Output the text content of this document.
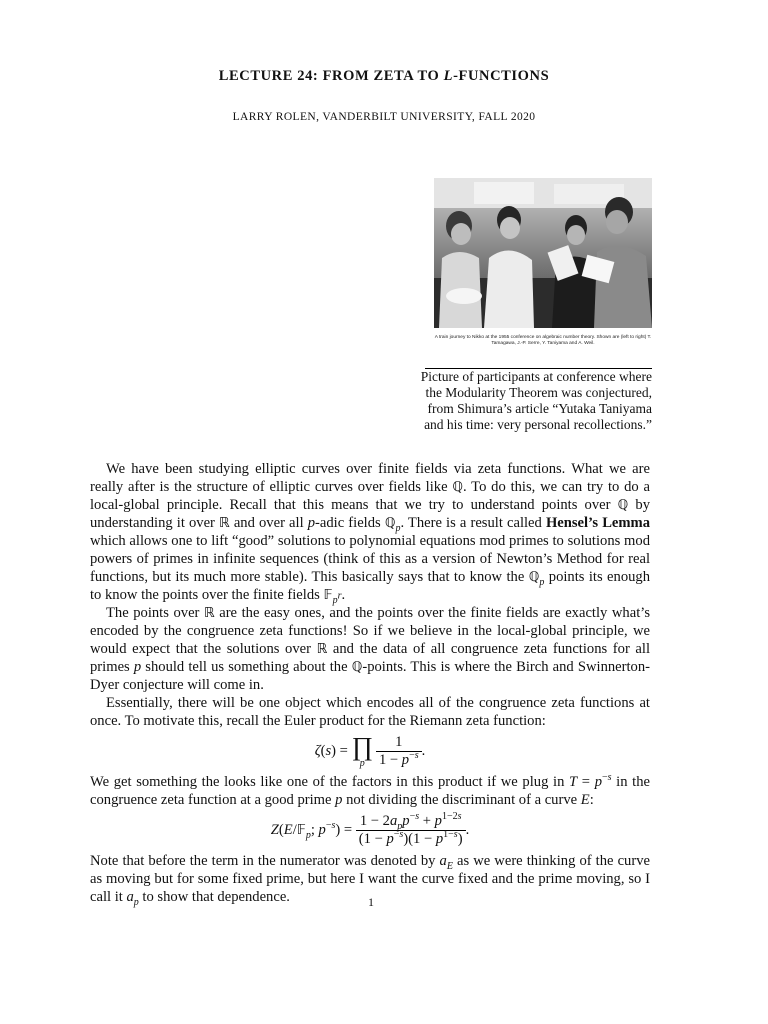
LECTURE 24: FROM ZETA TO L-FUNCTIONS
LARRY ROLEN, VANDERBILT UNIVERSITY, FALL 2020
A train journey to Nikko at the 1955 conference on algebraic number theory. Shown are (left to right) T. Tamagawa, J.-P. Serre, Y. Taniyama and A. Weil.
Picture of participants at conference where the Modularity Theorem was conjectured, from Shimura’s article “Yutaka Taniyama and his time: very personal recollections.”

We have been studying elliptic curves over finite fields via zeta functions. What we are really after is the structure of elliptic curves over fields like ℚ. To do this, we can try to do a local-global principle. Recall that this means that we try to understand points over ℚ by understanding it over ℝ and over all p-adic fields ℚ$_p$. There is a result called Hensel’s Lemma which allows one to lift “good” solutions to polynomial equations mod primes to solutions mod powers of primes in infinite sequences (think of this as a version of Newton’s Method for real functions, but its much more stable). This basically says that to know the ℚ$_p$ points its enough to know the points over the finite fields 𝔽$_{p^r}$.

The points over ℝ are the easy ones, and the points over the finite fields are exactly what’s encoded by the congruence zeta functions! So if we believe in the local-global principle, we would expect that the solutions over ℝ and the data of all congruence zeta functions for all primes p should tell us something about the ℚ-points. This is where the Birch and Swinnerton-Dyer conjecture will come in.

Essentially, there will be one object which encodes all of the congruence zeta functions at once. To motivate this, recall the Euler product for the Riemann zeta function:

ζ(s) = ∏
p $\frac{1}{1 - p^{-s}}$ .

We get something the looks like one of the factors in this product if we plug in $T = p^{-s}$ in the congruence zeta function at a good prime p not dividing the discriminant of a curve E:

Z(E/𝔽$_p$; $p^{-s}) = \frac{1 - 2a_pp^{-s} + p^{1-2s}}{(1 - p^{-s})(1 - p^{1-s})}$ .

Note that before the term in the numerator was denoted by $a_E$ as we were thinking of the curve as moving but for some fixed prime, but here I want the curve fixed and the prime moving, so I call it $a_p$ to show that dependence.	1
